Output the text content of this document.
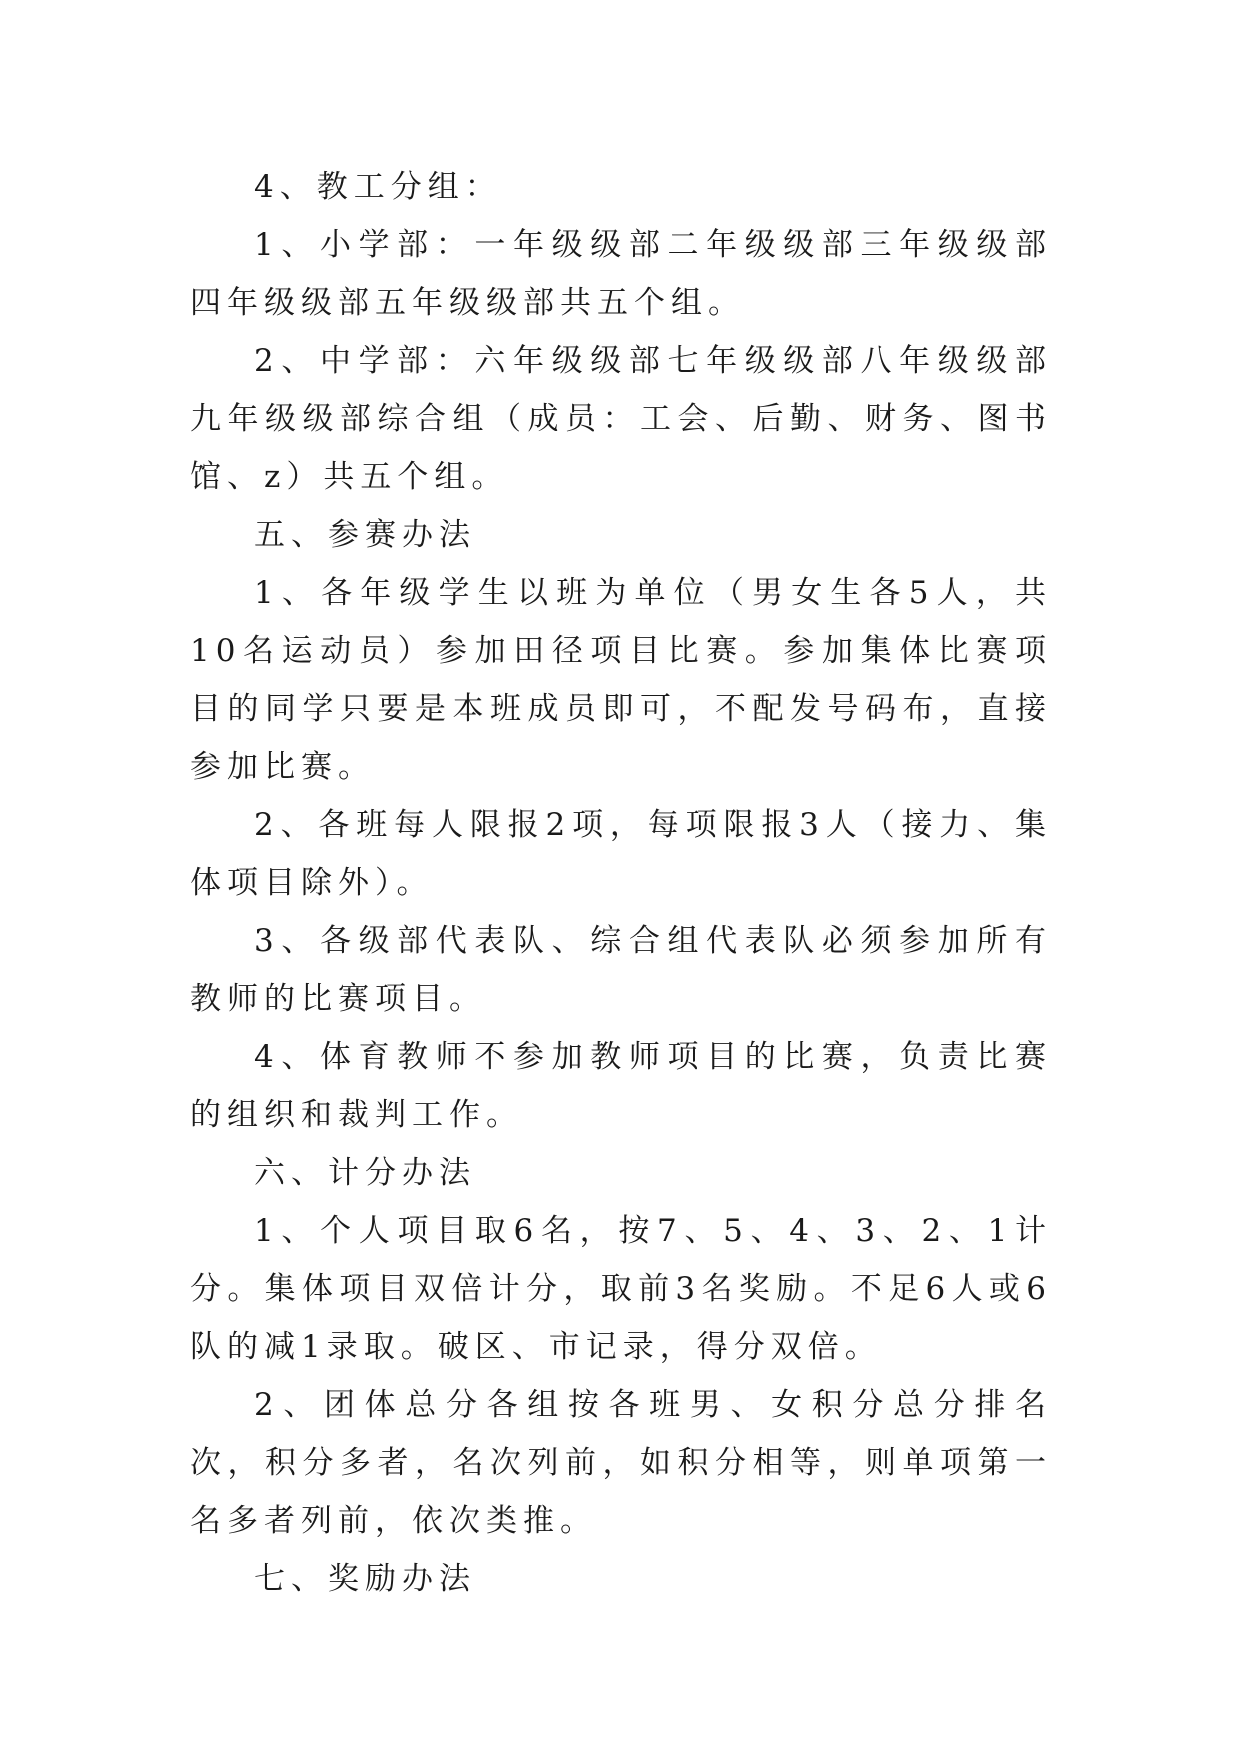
4、教工分组：

1、小学部：一年级级部二年级级部三年级级部四年级级部五年级级部共五个组。

2、中学部：六年级级部七年级级部八年级级部九年级级部综合组（成员：工会、后勤、财务、图书馆、z）共五个组。

五、参赛办法

1、各年级学生以班为单位（男女生各5人，共10名运动员）参加田径项目比赛。参加集体比赛项目的同学只要是本班成员即可，不配发号码布，直接参加比赛。

2、各班每人限报2项，每项限报3人（接力、集体项目除外）。

3、各级部代表队、综合组代表队必须参加所有教师的比赛项目。

4、体育教师不参加教师项目的比赛，负责比赛的组织和裁判工作。

六、计分办法

1、个人项目取6名，按7、5、4、3、2、1计分。集体项目双倍计分，取前3名奖励。不足6人或6队的减1录取。破区、市记录，得分双倍。

2、团体总分各组按各班男、女积分总分排名次，积分多者，名次列前，如积分相等，则单项第一名多者列前，依次类推。

七、奖励办法
